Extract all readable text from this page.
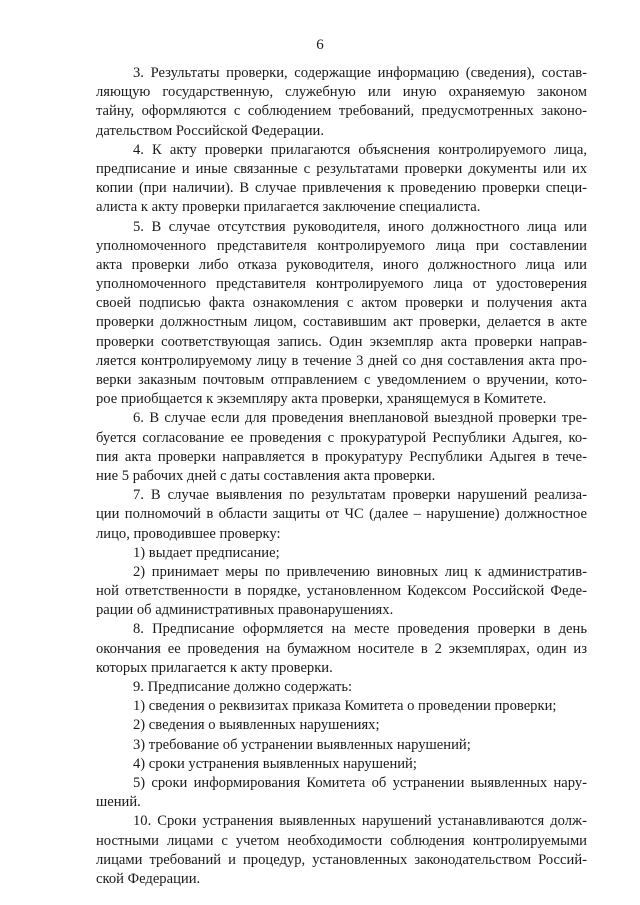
6
3. Результаты проверки, содержащие информацию (сведения), состав-
ляющую государственную, служебную или иную охраняемую законом
тайну, оформляются с соблюдением требований, предусмотренных законо-
дательством Российской Федерации.
4. К акту проверки прилагаются объяснения контролируемого лица,
предписание и иные связанные с результатами проверки документы или их
копии (при наличии). В случае привлечения к проведению проверки специ-
алиста к акту проверки прилагается заключение специалиста.
5. В случае отсутствия руководителя, иного должностного лица или
уполномоченного представителя контролируемого лица при составлении
акта проверки либо отказа руководителя, иного должностного лица или
уполномоченного представителя контролируемого лица от удостоверения
своей подписью факта ознакомления с актом проверки и получения акта
проверки должностным лицом, составившим акт проверки, делается в акте
проверки соответствующая запись. Один экземпляр акта проверки направ-
ляется контролируемому лицу в течение 3 дней со дня составления акта про-
верки заказным почтовым отправлением с уведомлением о вручении, кото-
рое приобщается к экземпляру акта проверки, хранящемуся в Комитете.
6. В случае если для проведения внеплановой выездной проверки тре-
буется согласование ее проведения с прокуратурой Республики Адыгея, ко-
пия акта проверки направляется в прокуратуру Республики Адыгея в тече-
ние 5 рабочих дней с даты составления акта проверки.
7. В случае выявления по результатам проверки нарушений реализа-
ции полномочий в области защиты от ЧС (далее – нарушение) должностное
лицо, проводившее проверку:
1) выдает предписание;
2) принимает меры по привлечению виновных лиц к административ-
ной ответственности в порядке, установленном Кодексом Российской Феде-
рации об административных правонарушениях.
8. Предписание оформляется на месте проведения проверки в день
окончания ее проведения на бумажном носителе в 2 экземплярах, один из
которых прилагается к акту проверки.
9. Предписание должно содержать:
1) сведения о реквизитах приказа Комитета о проведении проверки;
2) сведения о выявленных нарушениях;
3) требование об устранении выявленных нарушений;
4) сроки устранения выявленных нарушений;
5) сроки информирования Комитета об устранении выявленных нару-
шений.
10. Сроки устранения выявленных нарушений устанавливаются долж-
ностными лицами с учетом необходимости соблюдения контролируемыми
лицами требований и процедур, установленных законодательством Россий-
ской Федерации.
